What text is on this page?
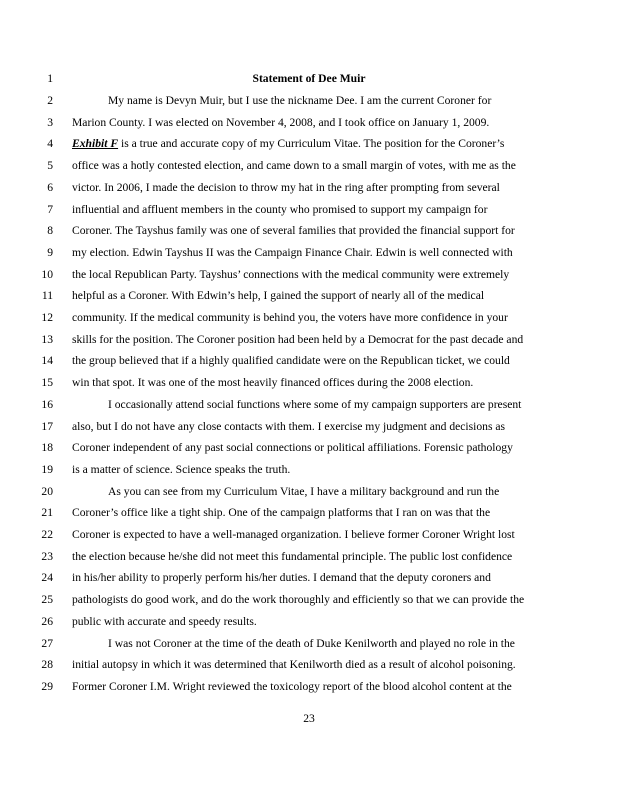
1	Statement of Dee Muir
2	My name is Devyn Muir, but I use the nickname Dee. I am the current Coroner for
3 Marion County. I was elected on November 4, 2008, and I took office on January 1, 2009.
4 Exhibit F is a true and accurate copy of my Curriculum Vitae. The position for the Coroner’s
5 office was a hotly contested election, and came down to a small margin of votes, with me as the
6 victor. In 2006, I made the decision to throw my hat in the ring after prompting from several
7 influential and affluent members in the county who promised to support my campaign for
8 Coroner. The Tayshus family was one of several families that provided the financial support for
9 my election. Edwin Tayshus II was the Campaign Finance Chair. Edwin is well connected with
10 the local Republican Party. Tayshus’ connections with the medical community were extremely
11 helpful as a Coroner. With Edwin’s help, I gained the support of nearly all of the medical
12 community. If the medical community is behind you, the voters have more confidence in your
13 skills for the position. The Coroner position had been held by a Democrat for the past decade and
14 the group believed that if a highly qualified candidate were on the Republican ticket, we could
15 win that spot. It was one of the most heavily financed offices during the 2008 election.
16	I occasionally attend social functions where some of my campaign supporters are present
17 also, but I do not have any close contacts with them. I exercise my judgment and decisions as
18 Coroner independent of any past social connections or political affiliations. Forensic pathology
19 is a matter of science. Science speaks the truth.
20	As you can see from my Curriculum Vitae, I have a military background and run the
21 Coroner’s office like a tight ship. One of the campaign platforms that I ran on was that the
22 Coroner is expected to have a well-managed organization. I believe former Coroner Wright lost
23 the election because he/she did not meet this fundamental principle. The public lost confidence
24 in his/her ability to properly perform his/her duties. I demand that the deputy coroners and
25 pathologists do good work, and do the work thoroughly and efficiently so that we can provide the
26 public with accurate and speedy results.
27	I was not Coroner at the time of the death of Duke Kenilworth and played no role in the
28 initial autopsy in which it was determined that Kenilworth died as a result of alcohol poisoning.
29 Former Coroner I.M. Wright reviewed the toxicology report of the blood alcohol content at the
23
